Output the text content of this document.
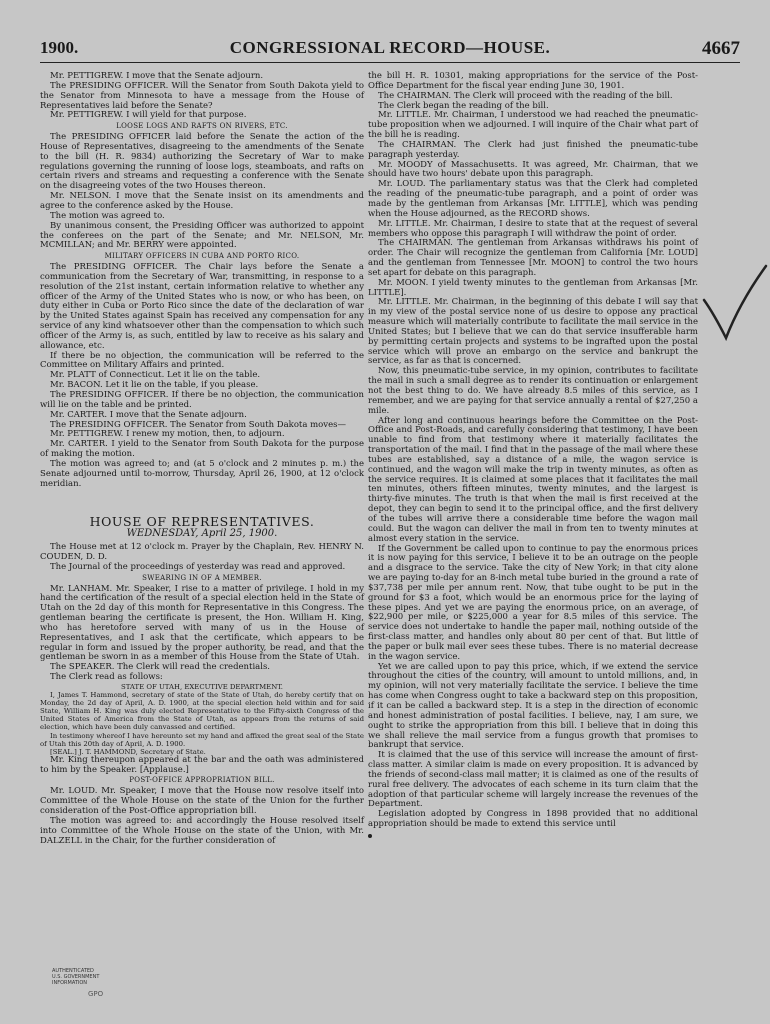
1900.	CONGRESSIONAL RECORD—HOUSE.	4667

Mr. PETTIGREW. I move that the Senate adjourn.

The PRESIDING OFFICER. Will the Senator from South Dakota yield to the Senator from Minnesota to have a message from the House of Representatives laid before the Senate?

Mr. PETTIGREW. I will yield for that purpose.

LOOSE LOGS AND RAFTS ON RIVERS, ETC.

The PRESIDING OFFICER laid before the Senate the action of the House of Representatives, disagreeing to the amendments of the Senate to the bill (H. R. 9834) authorizing the Secretary of War to make regulations governing the running of loose logs, steamboats, and rafts on certain rivers and streams and requesting a conference with the Senate on the disagreeing votes of the two Houses thereon.

Mr. NELSON. I move that the Senate insist on its amendments and agree to the conference asked by the House.

The motion was agreed to.

By unanimous consent, the Presiding Officer was authorized to appoint the conferees on the part of the Senate; and Mr. NELSON, Mr. MCMILLAN; and Mr. BERRY were appointed.

MILITARY OFFICERS IN CUBA AND PORTO RICO.

The PRESIDING OFFICER. The Chair lays before the Senate a communication from the Secretary of War, transmitting, in response to a resolution of the 21st instant, certain information relative to whether any officer of the Army of the United States who is now, or who has been, on duty either in Cuba or Porto Rico since the date of the declaration of war by the United States against Spain has received any compensation for any service of any kind whatsoever other than the compensation to which such officer of the Army is, as such, entitled by law to receive as his salary and allowance, etc.

If there be no objection, the communication will be referred to the Committee on Military Affairs and printed.

Mr. PLATT of Connecticut. Let it lie on the table.

Mr. BACON. Let it lie on the table, if you please.

The PRESIDING OFFICER. If there be no objection, the communication will lie on the table and be printed.

Mr. CARTER. I move that the Senate adjourn.

The PRESIDING OFFICER. The Senator from South Dakota moves—

Mr. PETTIGREW. I renew my motion, then, to adjourn.

Mr. CARTER. I yield to the Senator from South Dakota for the purpose of making the motion.

The motion was agreed to; and (at 5 o'clock and 2 minutes p. m.) the Senate adjourned until to-morrow, Thursday, April 26, 1900, at 12 o'clock meridian.

HOUSE OF REPRESENTATIVES.
WEDNESDAY, April 25, 1900.

The House met at 12 o'clock m. Prayer by the Chaplain, Rev. HENRY N. COUDEN, D. D.

The Journal of the proceedings of yesterday was read and approved.

SWEARING IN OF A MEMBER.

Mr. LANHAM. Mr. Speaker, I rise to a matter of privilege. I hold in my hand the certification of the result of a special election held in the State of Utah on the 2d day of this month for Representative in this Congress. The gentleman bearing the certificate is present, the Hon. William H. King, who has heretofore served with many of us in the House of Representatives, and I ask that the certificate, which appears to be regular in form and issued by the proper authority, be read, and that the gentleman be sworn in as a member of this House from the State of Utah.

The SPEAKER. The Clerk will read the credentials.

The Clerk read as follows:

STATE OF UTAH, EXECUTIVE DEPARTMENT.

I, James T. Hammond, secretary of state of the State of Utah, do hereby certify that on Monday, the 2d day of April, A. D. 1900, at the special election held within and for said State, William H. King was duly elected Representative to the Fifty-sixth Congress of the United States of America from the State of Utah, as appears from the returns of said election, which have been duly canvassed and certified.

In testimony whereof I have hereunto set my hand and affixed the great seal of the State of Utah this 20th day of April, A. D. 1900.

[SEAL.] J. T. HAMMOND, Secretary of State.

Mr. King thereupon appeared at the bar and the oath was administered to him by the Speaker. [Applause.]

POST-OFFICE APPROPRIATION BILL.

Mr. LOUD. Mr. Speaker, I move that the House now resolve itself into Committee of the Whole House on the state of the Union for the further consideration of the Post-Office appropriation bill.

The motion was agreed to: and accordingly the House resolved itself into Committee of the Whole House on the state of the Union, with Mr. DALZELL in the Chair, for the further consideration of

the bill H. R. 10301, making appropriations for the service of the Post-Office Department for the fiscal year ending June 30, 1901.

The CHAIRMAN. The Clerk will proceed with the reading of the bill.

The Clerk began the reading of the bill.

Mr. LITTLE. Mr. Chairman, I understood we had reached the pneumatic-tube proposition when we adjourned. I will inquire of the Chair what part of the bill he is reading.

The CHAIRMAN. The Clerk had just finished the pneumatic-tube paragraph yesterday.

Mr. MOODY of Massachusetts. It was agreed, Mr. Chairman, that we should have two hours' debate upon this paragraph.

Mr. LOUD. The parliamentary status was that the Clerk had completed the reading of the pneumatic-tube paragraph, and a point of order was made by the gentleman from Arkansas [Mr. LITTLE], which was pending when the House adjourned, as the RECORD shows.

Mr. LITTLE. Mr. Chairman, I desire to state that at the request of several members who oppose this paragraph I will withdraw the point of order.

The CHAIRMAN. The gentleman from Arkansas withdraws his point of order. The Chair will recognize the gentleman from California [Mr. LOUD] and the gentleman from Tennessee [Mr. MOON] to control the two hours set apart for debate on this paragraph.

Mr. MOON. I yield twenty minutes to the gentleman from Arkansas [Mr. LITTLE].

Mr. LITTLE. Mr. Chairman, in the beginning of this debate I will say that in my view of the postal service none of us desire to oppose any practical measure which will materially contribute to facilitate the mail service in the United States; but I believe that we can do that service insufferable harm by permitting certain projects and systems to be ingrafted upon the postal service which will prove an embargo on the service and bankrupt the service, as far as that is concerned.

Now, this pneumatic-tube service, in my opinion, contributes to facilitate the mail in such a small degree as to render its continuation or enlargement not the best thing to do. We have already 8.5 miles of this service, as I remember, and we are paying for that service annually a rental of $27,250 a mile.

After long and continuous hearings before the Committee on the Post-Office and Post-Roads, and carefully considering that testimony, I have been unable to find from that testimony where it materially facilitates the transportation of the mail. I find that in the passage of the mail where these tubes are established, say a distance of a mile, the wagon service is continued, and the wagon will make the trip in twenty minutes, as often as the service requires. It is claimed at some places that it facilitates the mail ten minutes, others fifteen minutes, twenty minutes, and the largest is thirty-five minutes. The truth is that when the mail is first received at the depot, they can begin to send it to the principal office, and the first delivery of the tubes will arrive there a considerable time before the wagon mail could. But the wagon can deliver the mail in from ten to twenty minutes at almost every station in the service.

If the Government be called upon to continue to pay the enormous prices it is now paying for this service, I believe it to be an outrage on the people and a disgrace to the service. Take the city of New York; in that city alone we are paying to-day for an 8-inch metal tube buried in the ground a rate of $37,738 per mile per annum rent. Now, that tube ought to be put in the ground for $3 a foot, which would be an enormous price for the laying of these pipes. And yet we are paying the enormous price, on an average, of $22,900 per mile, or $225,000 a year for 8.5 miles of this service. The service does not undertake to handle the paper mail, nothing outside of the first-class matter, and handles only about 80 per cent of that. But little of the paper or bulk mail ever sees these tubes. There is no material decrease in the wagon service.

Yet we are called upon to pay this price, which, if we extend the service throughout the cities of the country, will amount to untold millions, and, in my opinion, will not very materially facilitate the service. I believe the time has come when Congress ought to take a backward step on this proposition, if it can be called a backward step. It is a step in the direction of economic and honest administration of postal facilities. I believe, nay, I am sure, we ought to strike the appropriation from this bill. I believe that in doing this we shall relieve the mail service from a fungus growth that promises to bankrupt that service.

It is claimed that the use of this service will increase the amount of first-class matter. A similar claim is made on every proposition. It is advanced by the friends of second-class mail matter; it is claimed as one of the results of rural free delivery. The advocates of each scheme in its turn claim that the adoption of that particular scheme will largely increase the revenues of the Department.

Legislation adopted by Congress in 1898 provided that no additional appropriation should be made to extend this service until

AUTHENTICATED
U.S. GOVERNMENT
INFORMATION
GPO
